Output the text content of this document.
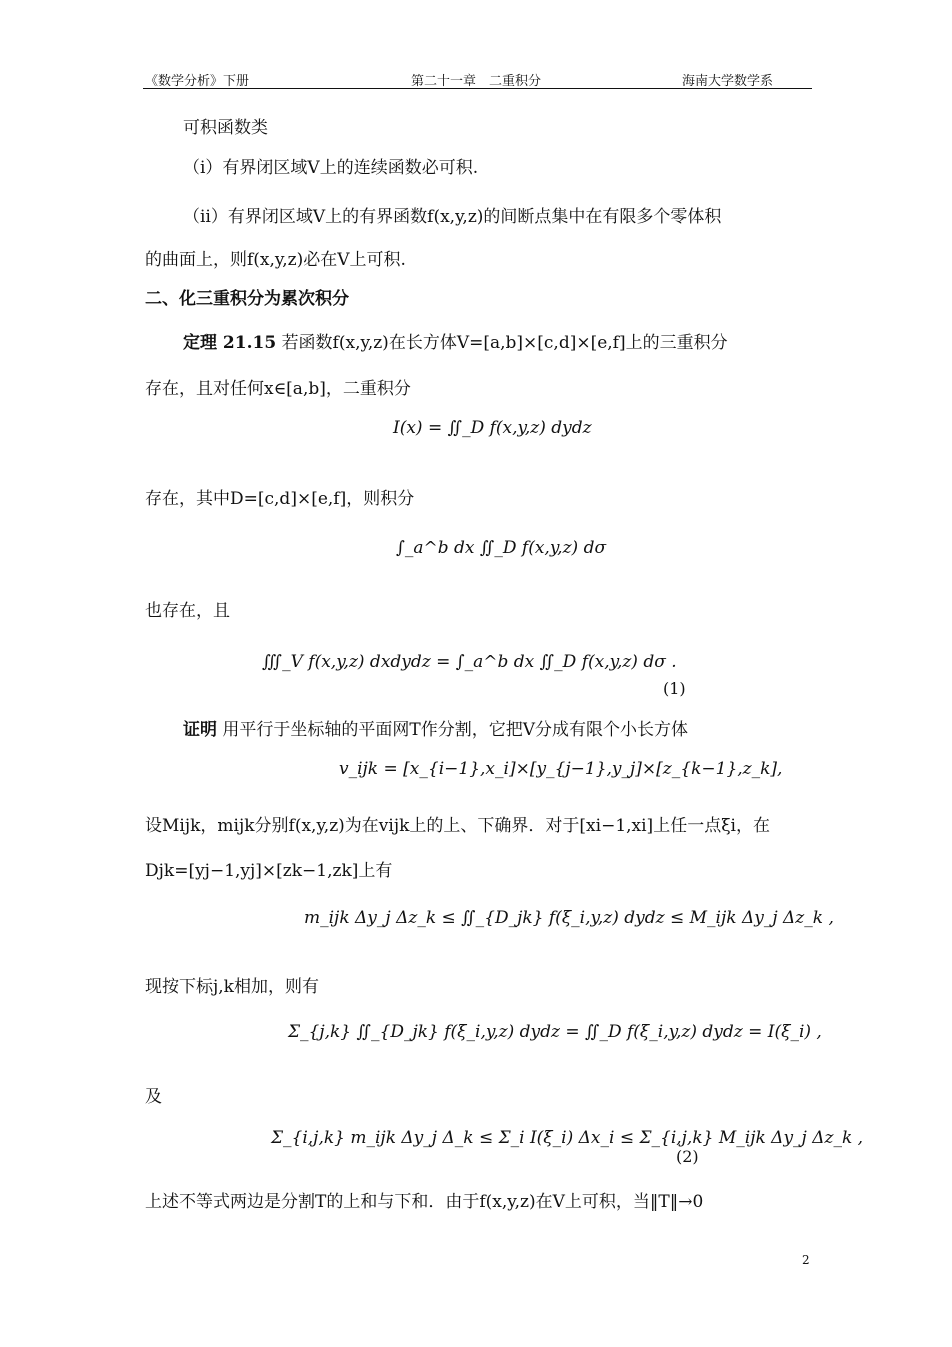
《数学分析》下册	第二十一章　二重积分	海南大学数学系
可积函数类
（ⅰ）有界闭区域V上的连续函数必可积.
（ⅱ）有界闭区域V上的有界函数f(x,y,z)的间断点集中在有限多个零体积
的曲面上，则f(x,y,z)必在V上可积.
二、化三重积分为累次积分
定理 21.15 若函数f(x,y,z)在长方体V=[a,b]×[c,d]×[e,f]上的三重积分
存在，且对任何x∈[a,b]，二重积分
I(x) = ∬_D f(x,y,z) dydz
存在，其中D=[c,d]×[e,f]，则积分
∫_a^b dx ∬_D f(x,y,z) dσ
也存在，且
∭_V f(x,y,z) dxdydz = ∫_a^b dx ∬_D f(x,y,z) dσ .
(1)
证明 用平行于坐标轴的平面网T作分割，它把V分成有限个小长方体
v_ijk = [x_{i−1},x_i]×[y_{j−1},y_j]×[z_{k−1},z_k],
设Mijk，mijk分别f(x,y,z)为在vijk上的上、下确界．对于[xi−1,xi]上任一点ξi，在
Djk=[yj−1,yj]×[zk−1,zk]上有
m_ijk Δy_j Δz_k ≤ ∬_{D_jk} f(ξ_i,y,z) dydz ≤ M_ijk Δy_j Δz_k ,
现按下标j,k相加，则有
Σ_{j,k} ∬_{D_jk} f(ξ_i,y,z) dydz = ∬_D f(ξ_i,y,z) dydz = I(ξ_i) ,
及
Σ_{i,j,k} m_ijk Δy_j Δ_k ≤ Σ_i I(ξ_i) Δx_i ≤ Σ_{i,j,k} M_ijk Δy_j Δz_k ,
(2)
上述不等式两边是分割T的上和与下和．由于f(x,y,z)在V上可积，当‖T‖→0
2
